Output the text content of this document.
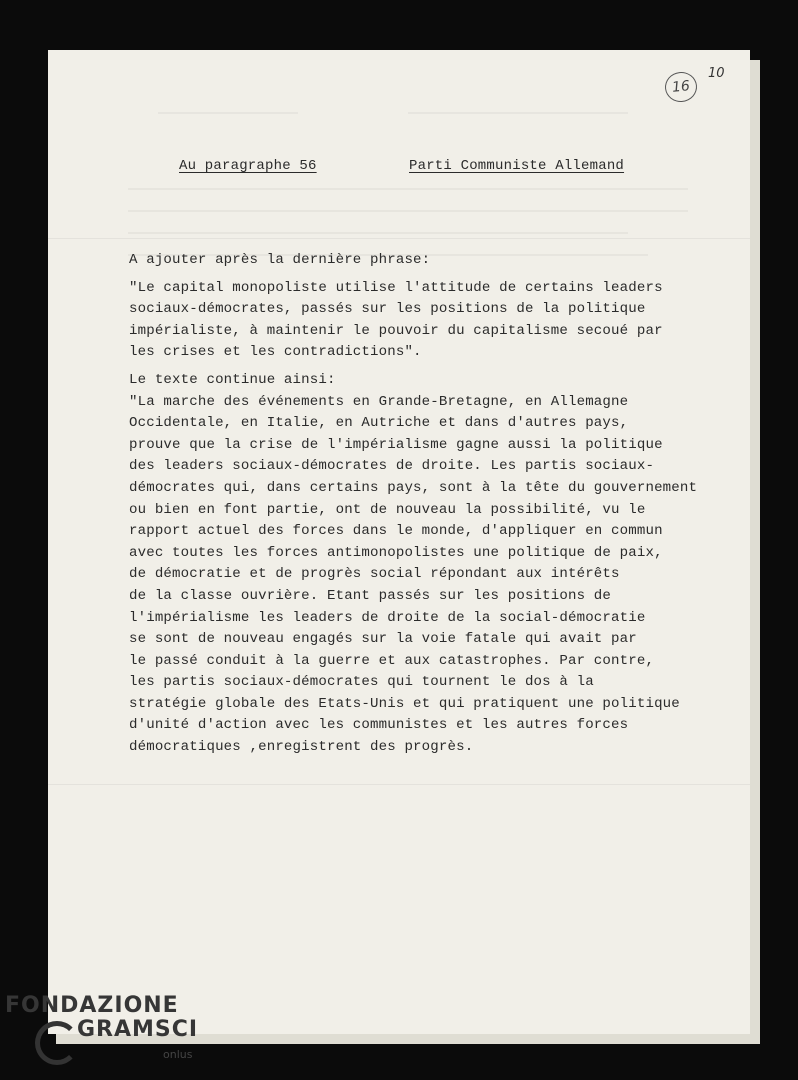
16
10
Au paragraphe 56	Parti Communiste Allemand

A ajouter après la dernière phrase:

"Le capital monopoliste utilise l'attitude de certains leaders

sociaux-démocrates, passés sur les positions de la politique

impérialiste, à maintenir le pouvoir du capitalisme secoué par

les crises et les contradictions".

Le texte continue ainsi:

"La marche des événements en Grande-Bretagne, en Allemagne

Occidentale, en Italie, en Autriche et dans d'autres pays,

prouve que la crise de l'impérialisme gagne aussi la politique

des leaders sociaux-démocrates de droite. Les partis sociaux-

démocrates qui, dans certains pays, sont à la tête du gouvernement

ou bien en font partie, ont de nouveau la possibilité, vu le

rapport actuel des forces dans le monde, d'appliquer en commun

avec toutes les forces antimonopolistes une politique de paix,

de démocratie et de progrès social répondant aux intérêts

de la classe ouvrière. Etant passés sur les positions de

l'impérialisme les leaders de droite de la social-démocratie

se sont de nouveau engagés sur la voie fatale qui avait par

le passé conduit à la guerre et aux catastrophes. Par contre,

les partis sociaux-démocrates qui tournent le dos à la

stratégie globale des Etats-Unis et qui pratiquent une politique

d'unité d'action avec les communistes et les autres forces

démocratiques ,enregistrent des progrès.

FONDAZIONE
GRAMSCI
onlus
